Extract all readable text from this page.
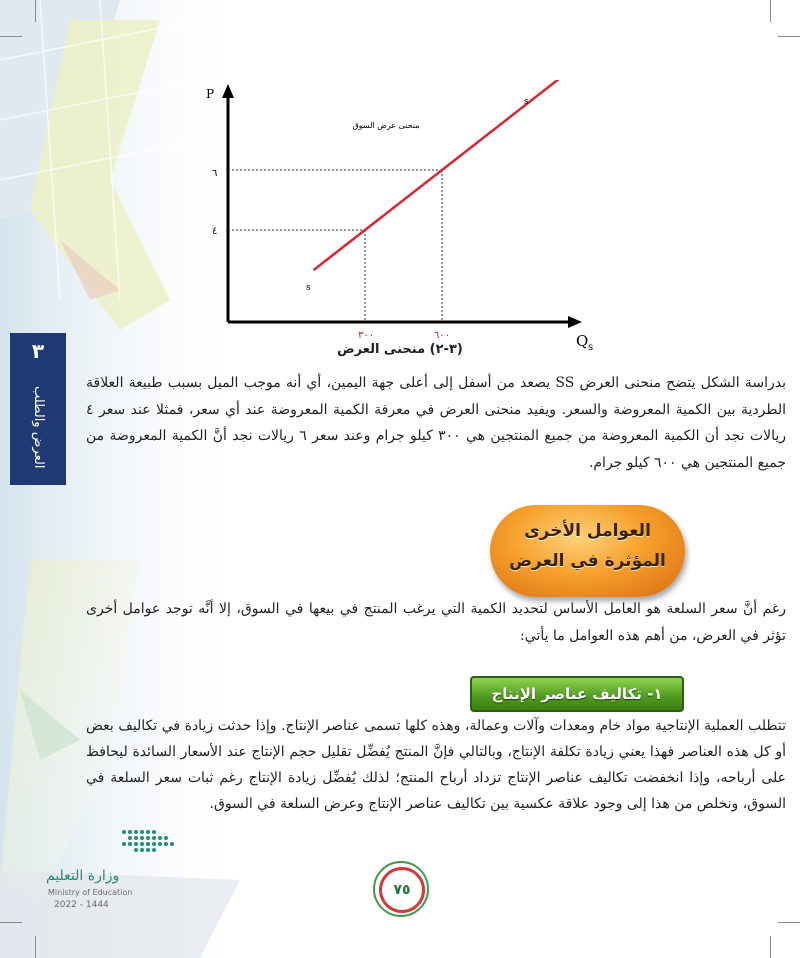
٣
العرض والطلب
P
Q s
٦
٤
٣٠٠	٦٠٠
منحنى عرض السوق
s
s
(٣-٢) منحنى العرض
بدراسة الشكل يتضح منحنى العرض SS يصعد من أسفل إلى أعلى جهة اليمين، أي أنه موجب الميل بسبب طبيعة العلاقة الطردية بين الكمية المعروضة والسعر. ويفيد منحنى العرض في معرفة الكمية المعروضة عند أي سعر، فمثلا عند سعر ٤ ريالات نجد أن الكمية المعروضة من جميع المنتجين هي ٣٠٠ كيلو جرام وعند سعر ٦ ريالات نجد أنَّ الكمية المعروضة من جميع المنتجين هي ٦٠٠ كيلو جرام.
العوامل الأخرى
المؤثرة في العرض
رغم أنَّ سعر السلعة هو العامل الأساس لتحديد الكمية التي يرغب المنتج في بيعها في السوق، إلا أنَّه توجد عوامل أخرى تؤثر في العرض، من أهم هذه العوامل ما يأتي:
١- تكاليف عناصر الإنتاج
تتطلب العملية الإنتاجية مواد خام ومعدات وآلات وعمالة، وهذه كلها تسمى عناصر الإنتاج. وإذا حدثت زيادة في تكاليف بعض أو كل هذه العناصر فهذا يعني زيادة تكلفة الإنتاج، وبالتالي فإنَّ المنتج يُفضِّل تقليل حجم الإنتاج عند الأسعار السائدة ليحافظ على أرباحه، وإذا انخفضت تكاليف عناصر الإنتاج تزداد أرباح المنتج؛ لذلك يُفضِّل زيادة الإنتاج رغم ثبات سعر السلعة في السوق، ونخلص من هذا إلى وجود علاقة عكسية بين تكاليف عناصر الإنتاج وعرض السلعة في السوق.
٧٥
وزارة التعليم
Ministry of Education
2022 - 1444
